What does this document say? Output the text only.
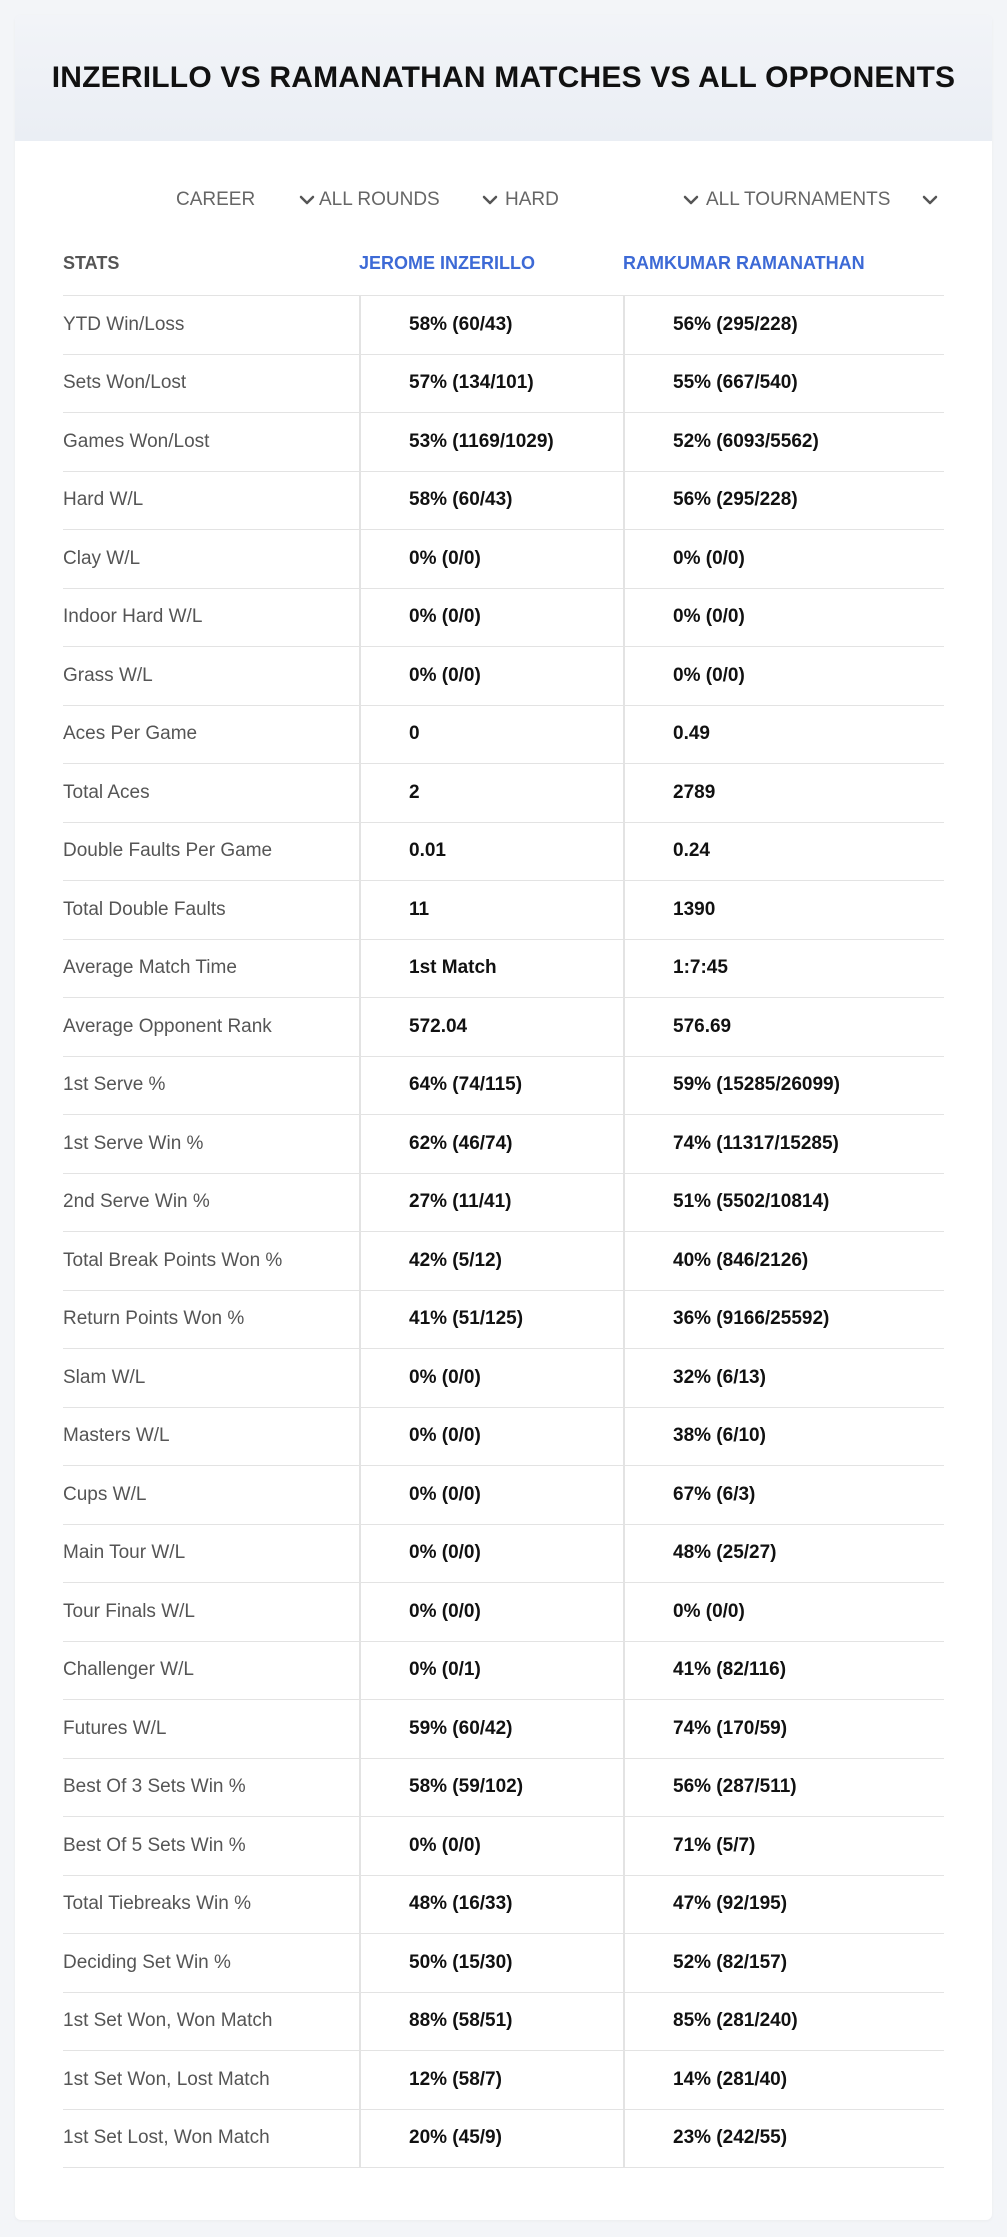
INZERILLO VS RAMANATHAN MATCHES VS ALL OPPONENTS
CAREER	ALL ROUNDS	HARD	ALL TOURNAMENTS
STATS	JEROME INZERILLO	RAMKUMAR RAMANATHAN
YTD Win/Loss	58% (60/43)	56% (295/228)
Sets Won/Lost	57% (134/101)	55% (667/540)
Games Won/Lost	53% (1169/1029)	52% (6093/5562)
Hard W/L	58% (60/43)	56% (295/228)
Clay W/L	0% (0/0)	0% (0/0)
Indoor Hard W/L	0% (0/0)	0% (0/0)
Grass W/L	0% (0/0)	0% (0/0)
Aces Per Game	0	0.49
Total Aces	2	2789
Double Faults Per Game	0.01	0.24
Total Double Faults	11	1390
Average Match Time	1st Match	1:7:45
Average Opponent Rank	572.04	576.69
1st Serve %	64% (74/115)	59% (15285/26099)
1st Serve Win %	62% (46/74)	74% (11317/15285)
2nd Serve Win %	27% (11/41)	51% (5502/10814)
Total Break Points Won %	42% (5/12)	40% (846/2126)
Return Points Won %	41% (51/125)	36% (9166/25592)
Slam W/L	0% (0/0)	32% (6/13)
Masters W/L	0% (0/0)	38% (6/10)
Cups W/L	0% (0/0)	67% (6/3)
Main Tour W/L	0% (0/0)	48% (25/27)
Tour Finals W/L	0% (0/0)	0% (0/0)
Challenger W/L	0% (0/1)	41% (82/116)
Futures W/L	59% (60/42)	74% (170/59)
Best Of 3 Sets Win %	58% (59/102)	56% (287/511)
Best Of 5 Sets Win %	0% (0/0)	71% (5/7)
Total Tiebreaks Win %	48% (16/33)	47% (92/195)
Deciding Set Win %	50% (15/30)	52% (82/157)
1st Set Won, Won Match	88% (58/51)	85% (281/240)
1st Set Won, Lost Match	12% (58/7)	14% (281/40)
1st Set Lost, Won Match	20% (45/9)	23% (242/55)
